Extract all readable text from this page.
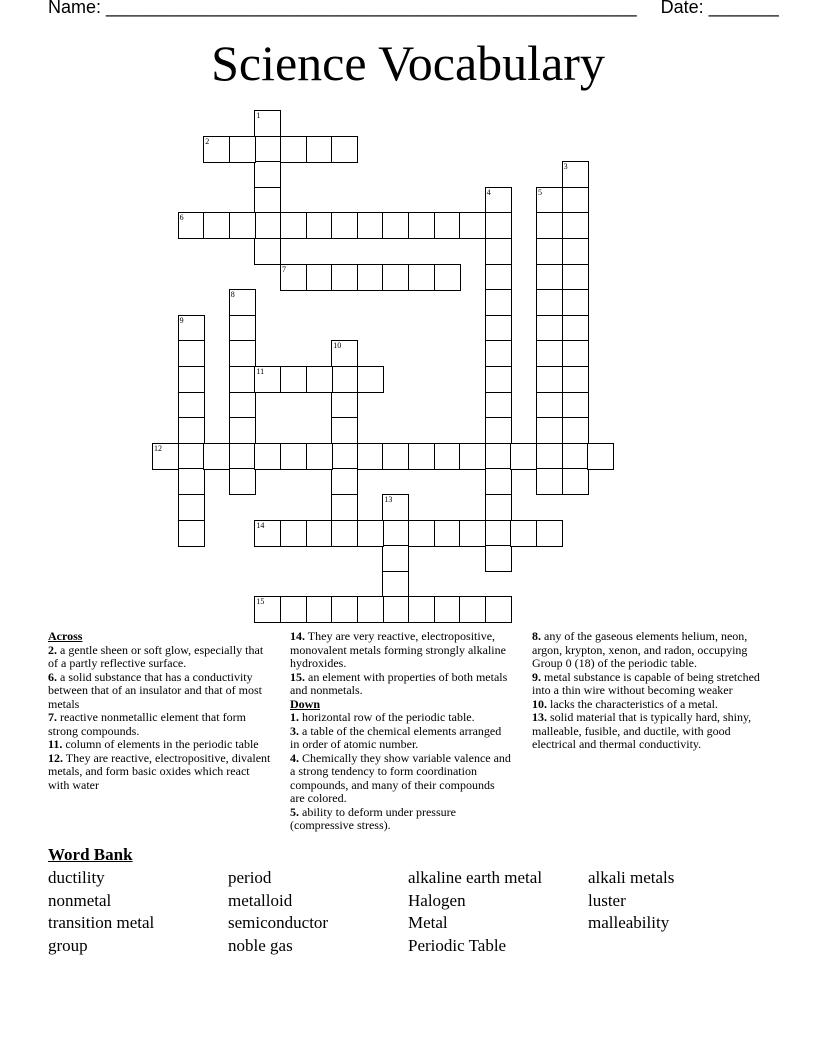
Name: _____________________________________________________ Date: _______
Science Vocabulary
1
2
3
4	5
6
7
8
9
10
11
12
13
14
15
Across
2. a gentle sheen or soft glow, especially that of a partly reflective surface.
6. a solid substance that has a conductivity between that of an insulator and that of most metals
7. reactive nonmetallic element that form strong compounds.
11. column of elements in the periodic table
12. They are reactive, electropositive, divalent metals, and form basic oxides which react with water
14. They are very reactive, electropositive, monovalent metals forming strongly alkaline hydroxides.
15. an element with properties of both metals and nonmetals.
Down
1. horizontal row of the periodic table.
3. a table of the chemical elements arranged in order of atomic number.
4. Chemically they show variable valence and a strong tendency to form coordination compounds, and many of their compounds are colored.
5. ability to deform under pressure (compressive stress).
8. any of the gaseous elements helium, neon, argon, krypton, xenon, and radon, occupying Group 0 (18) of the periodic table.
9. metal substance is capable of being stretched into a thin wire without becoming weaker
10. lacks the characteristics of a metal.
13. solid material that is typically hard, shiny, malleable, fusible, and ductile, with good electrical and thermal conductivity.
Word Bank
ductility	period	alkaline earth metal	alkali metals
nonmetal	metalloid	Halogen	luster
transition metal	semiconductor	Metal	malleability
group	noble gas	Periodic Table
